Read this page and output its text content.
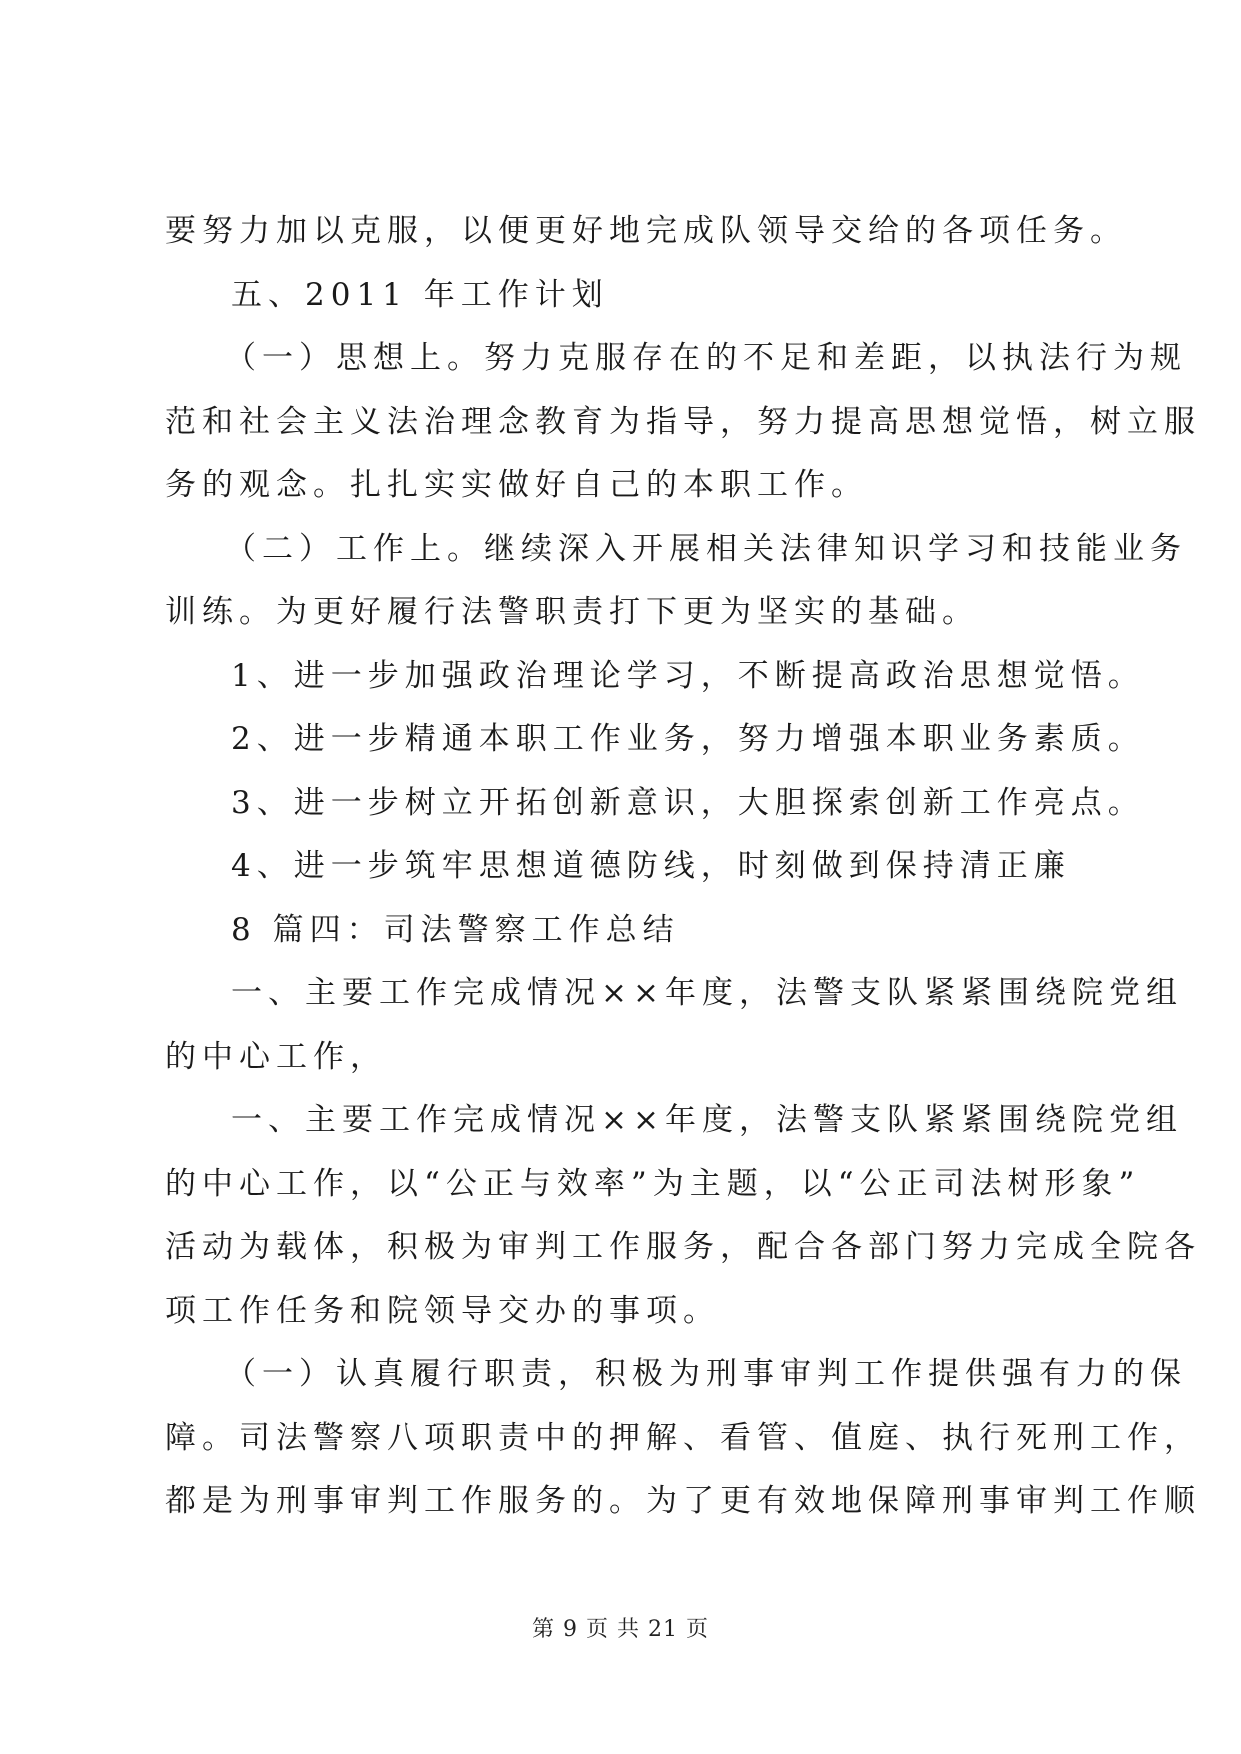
要努力加以克服，以便更好地完成队领导交给的各项任务。
五、2011 年工作计划
（一）思想上。努力克服存在的不足和差距，以执法行为规
范和社会主义法治理念教育为指导，努力提高思想觉悟，树立服
务的观念。扎扎实实做好自己的本职工作。
（二）工作上。继续深入开展相关法律知识学习和技能业务
训练。为更好履行法警职责打下更为坚实的基础。
1、进一步加强政治理论学习，不断提高政治思想觉悟。
2、进一步精通本职工作业务，努力增强本职业务素质。
3、进一步树立开拓创新意识，大胆探索创新工作亮点。
4、进一步筑牢思想道德防线，时刻做到保持清正廉
8 篇四：司法警察工作总结
一、主要工作完成情况××年度，法警支队紧紧围绕院党组
的中心工作，
一、主要工作完成情况××年度，法警支队紧紧围绕院党组
的中心工作，以“公正与效率”为主题，以“公正司法树形象”
活动为载体，积极为审判工作服务，配合各部门努力完成全院各
项工作任务和院领导交办的事项。
（一）认真履行职责，积极为刑事审判工作提供强有力的保
障。司法警察八项职责中的押解、看管、值庭、执行死刑工作，
都是为刑事审判工作服务的。为了更有效地保障刑事审判工作顺
第 9 页 共 21 页
